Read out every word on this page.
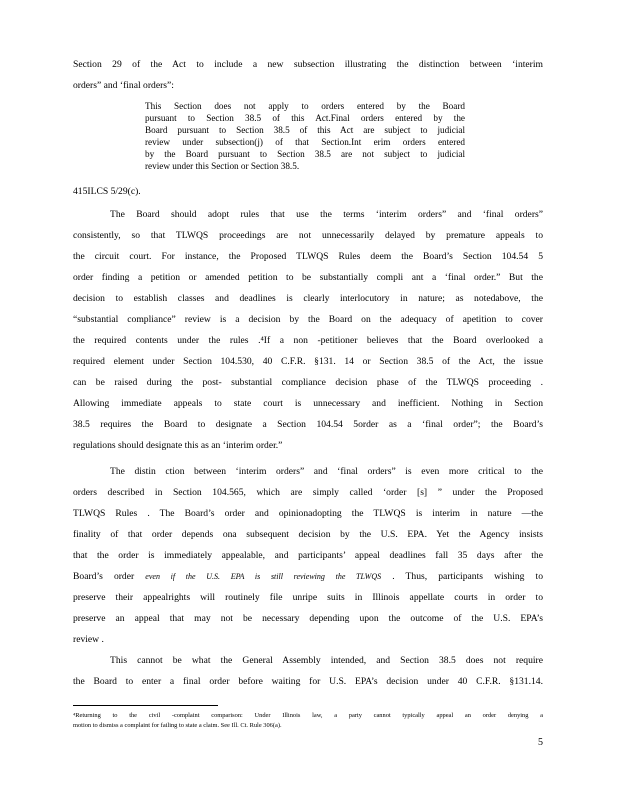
Section 29 of the Act to include a new subsection illustrating the distinction between ‘interim
orders” and ‘final orders”:
This Section does not apply to orders entered by the Board
pursuant to Section 38.5 of this Act.Final orders entered by the
Board pursuant to Section 38.5 of this Act are subject to judicial
review under subsection(j) of that Section.Int erim orders entered
by the Board pursuant to Section 38.5 are not subject to judicial
review under this Section or Section 38.5.
415ILCS 5/29(c).
The Board should adopt rules that use the terms ‘interim orders” and ‘final orders”
consistently, so that TLWQS proceedings are not unnecessarily delayed by premature appeals to
the circuit court. For instance, the Proposed TLWQS Rules deem the Board’s Section 104.54 5
order finding a petition or amended petition to be substantially compli ant a ‘final order.” But the
decision to establish classes and deadlines is clearly interlocutory in nature; as notedabove, the
“substantial compliance” review is a decision by the Board on the adequacy of apetition to cover
the required contents under the rules .⁴If a non -petitioner believes that the Board overlooked a
required element under Section 104.530, 40 C.F.R. §131. 14 or Section 38.5 of the Act, the issue
can be raised during the post- substantial compliance decision phase of the TLWQS proceeding .
Allowing immediate appeals to state court is unnecessary and inefficient. Nothing in Section
38.5 requires the Board to designate a Section 104.54 5order as a ‘final order”; the Board’s
regulations should designate this as an ‘interim order.”
The distin ction between ‘interim orders” and ‘final orders” is even more critical to the
orders described in Section 104.565, which are simply called ‘order [s] ” under the Proposed
TLWQS Rules . The Board’s order and opinionadopting the TLWQS is interim in nature —the
finality of that order depends ona subsequent decision by the U.S. EPA. Yet the Agency insists
that the order is immediately appealable, and participants’ appeal deadlines fall 35 days after the
Board’s order even if the U.S. EPA is still reviewing the TLWQS . Thus, participants wishing to
preserve their appealrights will routinely file unripe suits in Illinois appellate courts in order to
preserve an appeal that may not be necessary depending upon the outcome of the U.S. EPA’s
review .
This cannot be what the General Assembly intended, and Section 38.5 does not require
the Board to enter a final order before waiting for U.S. EPA’s decision under 40 C.F.R. §131.14.
⁴Returning to the civil -complaint comparison: Under Illinois law, a party cannot typically appeal an order denying a
motion to dismiss a complaint for failing to state a claim. See Ill. Ct. Rule 306(a).
5
